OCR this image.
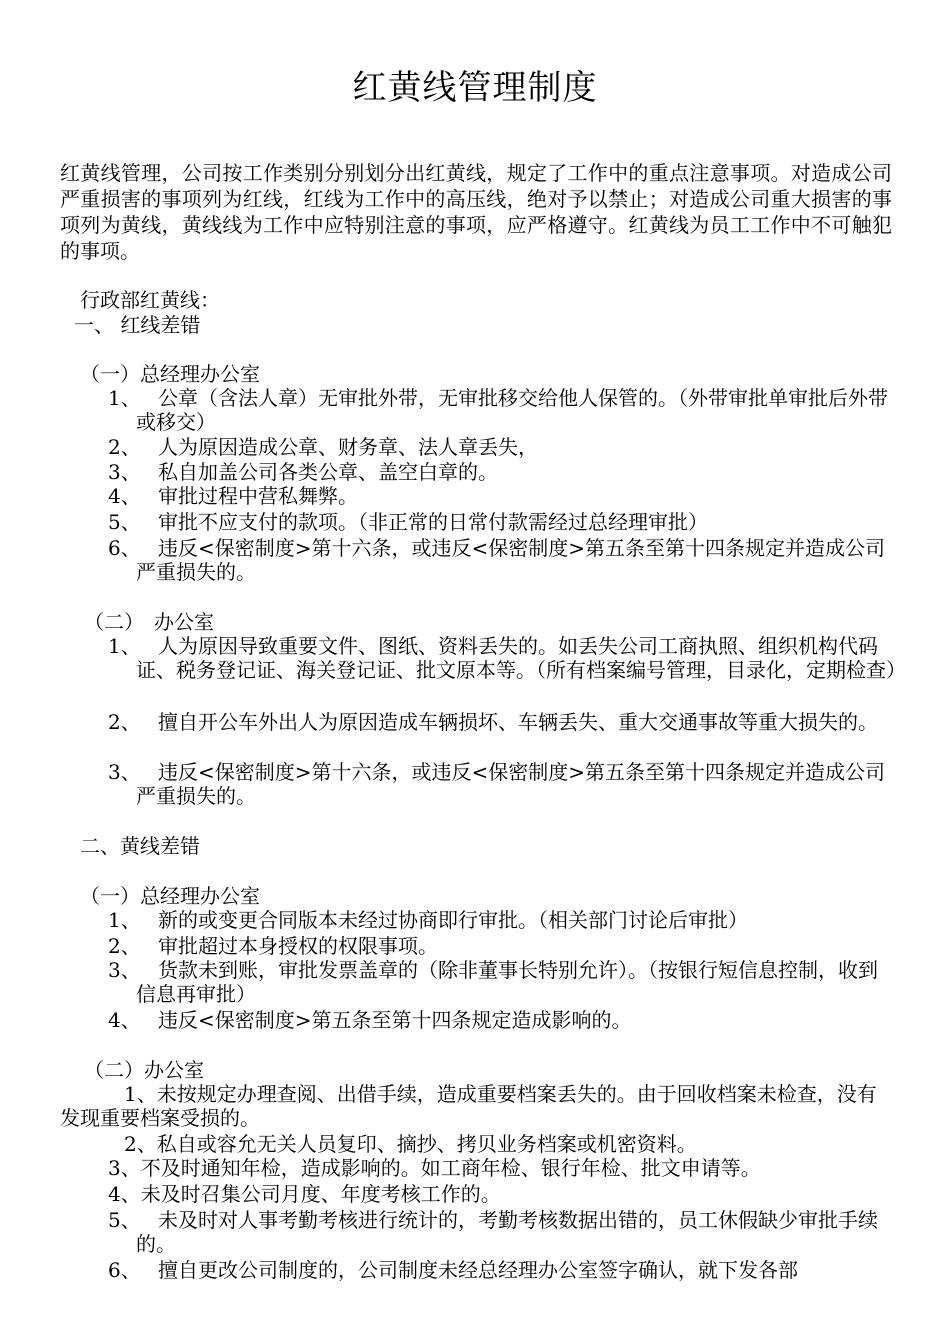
红黄线管理制度
红黄线管理，公司按工作类别分别划分出红黄线，规定了工作中的重点注意事项。对造成公司严重损害的事项列为红线，红线为工作中的高压线，绝对予以禁止；对造成公司重大损害的事项列为黄线，黄线线为工作中应特别注意的事项，应严格遵守。红黄线为员工工作中不可触犯的事项。
行政部红黄线：
一、 红线差错
（一）总经理办公室
1、 公章（含法人章）无审批外带，无审批移交给他人保管的。（外带审批单审批后外带或移交）
2、 人为原因造成公章、财务章、法人章丢失，
3、 私自加盖公司各类公章、盖空白章的。
4、 审批过程中营私舞弊。
5、 审批不应支付的款项。（非正常的日常付款需经过总经理审批）
6、 违反<保密制度>第十六条，或违反<保密制度>第五条至第十四条规定并造成公司严重损失的。
（二）　办公室
1、 人为原因导致重要文件、图纸、资料丢失的。如丢失公司工商执照、组织机构代码证、税务登记证、海关登记证、批文原本等。（所有档案编号管理，目录化，定期检查）
2、 擅自开公车外出人为原因造成车辆损坏、车辆丢失、重大交通事故等重大损失的。
3、 违反<保密制度>第十六条，或违反<保密制度>第五条至第十四条规定并造成公司严重损失的。
二、黄线差错
（一）总经理办公室
1、 新的或变更合同版本未经过协商即行审批。（相关部门讨论后审批）
2、 审批超过本身授权的权限事项。
3、 货款未到账，审批发票盖章的（除非董事长特别允许）。（按银行短信息控制，收到信息再审批）
4、 违反<保密制度>第五条至第十四条规定造成影响的。
（二）办公室
1、未按规定办理查阅、出借手续，造成重要档案丢失的。由于回收档案未检查，没有发现重要档案受损的。
2、私自或容允无关人员复印、摘抄、拷贝业务档案或机密资料。
3、不及时通知年检，造成影响的。如工商年检、银行年检、批文申请等。
4、未及时召集公司月度、年度考核工作的。
5、 未及时对人事考勤考核进行统计的，考勤考核数据出错的，员工休假缺少审批手续的。
6、 擅自更改公司制度的，公司制度未经总经理办公室签字确认，就下发各部
